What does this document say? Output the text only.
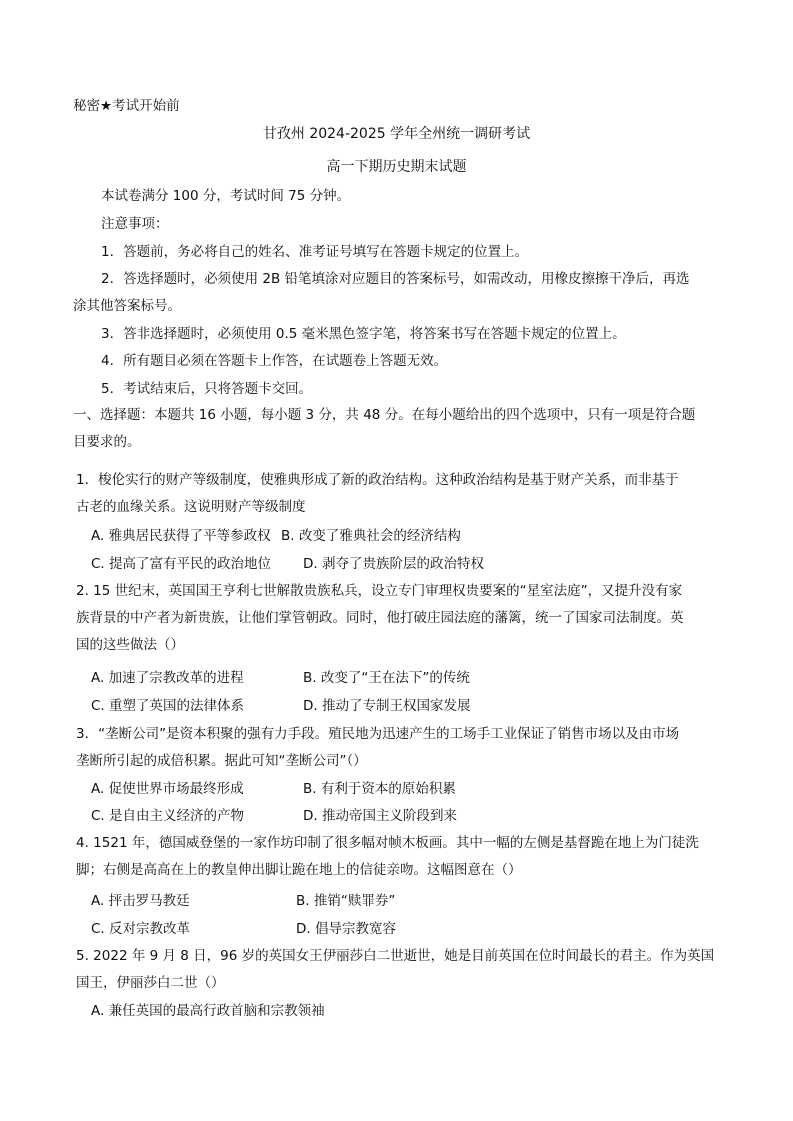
秘密★考试开始前
甘孜州 2024-2025 学年全州统一调研考试
高一下期历史期末试题
本试卷满分 100 分，考试时间 75 分钟。
注意事项：
1．答题前，务必将自己的姓名、准考证号填写在答题卡规定的位置上。
2．答选择题时，必须使用 2B 铅笔填涂对应题目的答案标号，如需改动，用橡皮擦擦干净后，再选
涂其他答案标号。
3．答非选择题时，必须使用 0.5 毫米黑色签字笔，将答案书写在答题卡规定的位置上。
4．所有题目必须在答题卡上作答，在试题卷上答题无效。
5．考试结束后，只将答题卡交回。
一、选择题：本题共 16 小题，每小题 3 分，共 48 分。在每小题给出的四个选项中，只有一项是符合题
目要求的。
1．梭伦实行的财产等级制度，使雅典形成了新的政治结构。这种政治结构是基于财产关系，而非基于
古老的血缘关系。这说明财产等级制度
A. 雅典居民获得了平等参政权 B. 改变了雅典社会的经济结构
C. 提高了富有平民的政治地位 D. 剥夺了贵族阶层的政治特权
2. 15 世纪末，英国国王亨利七世解散贵族私兵，设立专门审理权贵要案的“星室法庭”，又提升没有家
族背景的中产者为新贵族，让他们掌管朝政。同时，他打破庄园法庭的藩篱，统一了国家司法制度。英
国的这些做法（）
A. 加速了宗教改革的进程	B. 改变了“王在法下”的传统
C. 重塑了英国的法律体系	D. 推动了专制王权国家发展
3．“垄断公司”是资本积聚的强有力手段。殖民地为迅速产生的工场手工业保证了销售市场以及由市场
垄断所引起的成倍积累。据此可知“垄断公司”（）
A. 促使世界市场最终形成	B. 有利于资本的原始积累
C. 是自由主义经济的产物	D. 推动帝国主义阶段到来
4. 1521 年，德国威登堡的一家作坊印制了很多幅对帧木板画。其中一幅的左侧是基督跪在地上为门徒洗
脚；右侧是高高在上的教皇伸出脚让跪在地上的信徒亲吻。这幅图意在（）
A. 抨击罗马教廷	B. 推销“赎罪券”
C. 反对宗教改革	D. 倡导宗教宽容
5. 2022 年 9 月 8 日，96 岁的英国女王伊丽莎白二世逝世，她是目前英国在位时间最长的君主。作为英国
国王，伊丽莎白二世（）
A. 兼任英国的最高行政首脑和宗教领袖
